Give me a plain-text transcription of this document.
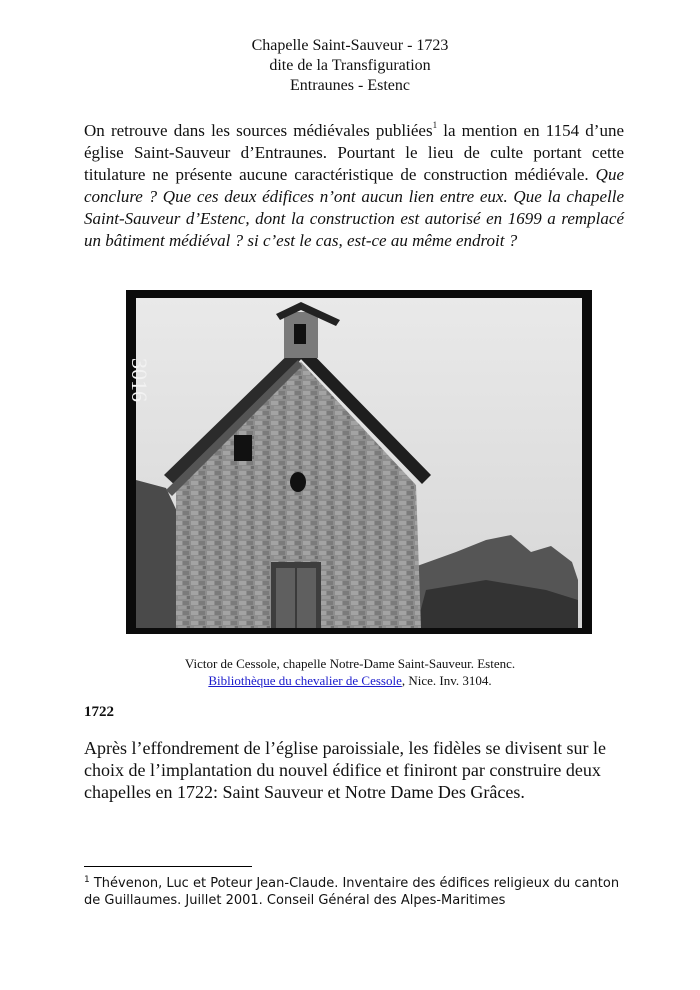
Chapelle Saint-Sauveur - 1723
dite de la Transfiguration
Entraunes - Estenc
On retrouve dans les sources médiévales publiées$^1$ la mention en 1154 d’une église Saint-Sauveur d’Entraunes. Pourtant le lieu de culte portant cette titulature ne présente aucune caractéristique de construction médiévale. Que conclure ? Que ces deux édifices n’ont aucun lien entre eux. Que la chapelle Saint-Sauveur d’Estenc, dont la construction est autorisé en 1699 a remplacé un bâtiment médiéval ? si c’est le cas, est-ce au même endroit ?
3016
Victor de Cessole, chapelle Notre-Dame Saint-Sauveur. Estenc.
Bibliothèque du chevalier de Cessole, Nice. Inv. 3104.
1722
Après l’effondrement de l’église paroissiale, les fidèles se divisent sur le choix de l’implantation du nouvel édifice et finiront par construire deux chapelles en 1722: Saint Sauveur et Notre Dame Des Grâces.
$^1$ Thévenon, Luc et Poteur Jean-Claude. Inventaire des édifices religieux du canton de Guillaumes. Juillet 2001. Conseil Général des Alpes-Maritimes
